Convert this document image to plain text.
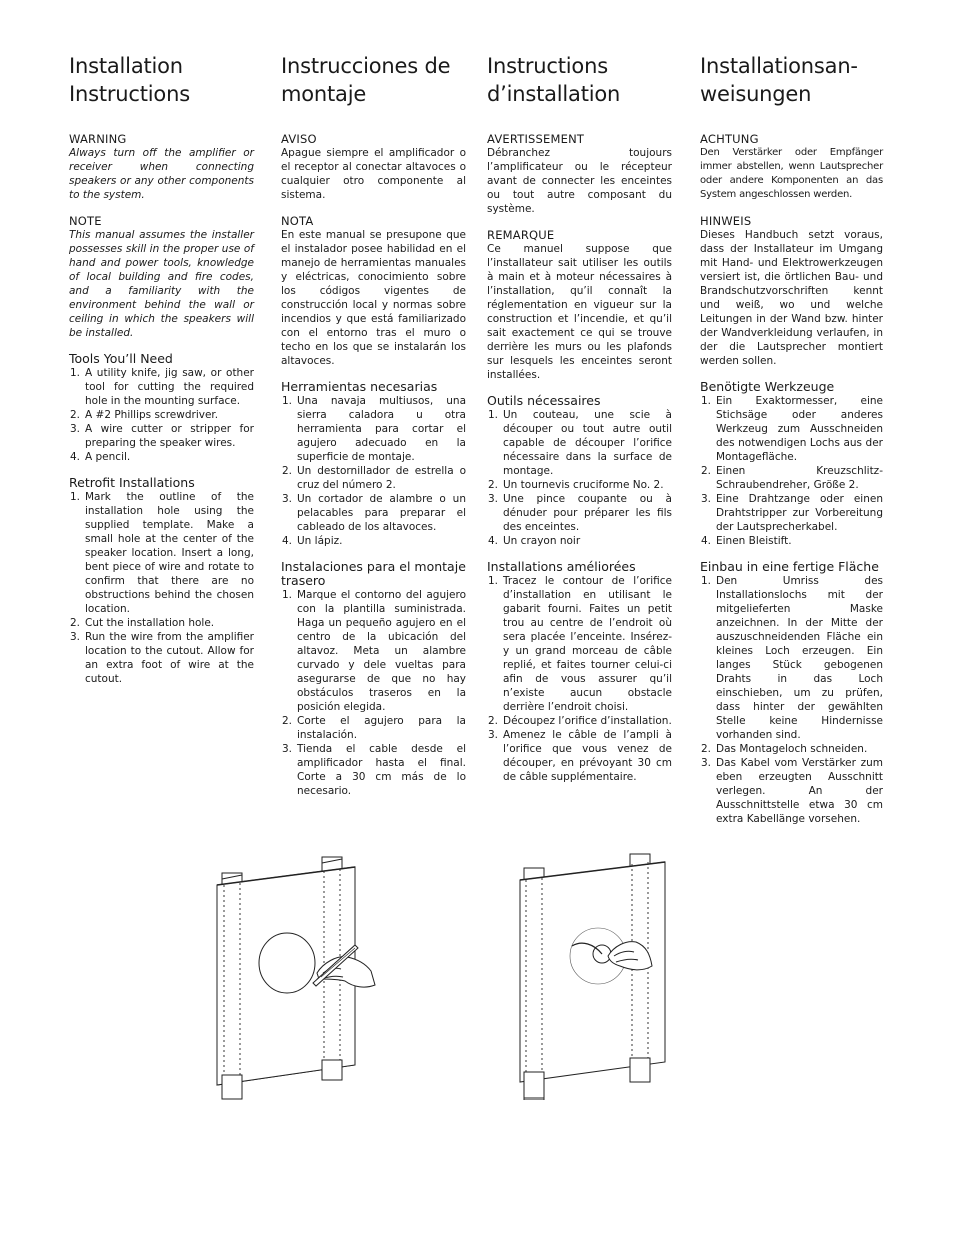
Installation
Instructions

WARNING

Always turn off the amplifier or receiver when connecting speakers or any other components to the system.

NOTE

This manual assumes the installer possesses skill in the proper use of hand and power tools, knowledge of local building and fire codes, and a familiarity with the environment behind the wall or ceiling in which the speakers will be installed.

Tools You’ll Need

1. A utility knife, jig saw, or other tool for cutting the required hole in the mounting surface.
2. A #2 Phillips screwdriver.
3. A wire cutter or stripper for preparing the speaker wires.
4. A pencil.

Retrofit Installations

1. Mark the outline of the installation hole using the supplied template. Make a small hole at the center of the speaker location. Insert a long, bent piece of wire and rotate to confirm that there are no obstructions behind the chosen location.
2. Cut the installation hole.
3. Run the wire from the amplifier location to the cutout. Allow for an extra foot of wire at the cutout.
Instrucciones de
montaje

AVISO

Apague siempre el amplificador o el receptor al conectar altavoces o cualquier otro componente al sistema.

NOTA

En este manual se presupone que el instalador posee habilidad en el manejo de herramientas manuales y eléctricas, conocimiento sobre los códigos vigentes de construcción local y normas sobre incendios y que está familiarizado con el entorno tras el muro o techo en los que se instalarán los altavoces.

Herramientas necesarias

1. Una navaja multiusos, una sierra caladora u otra herramienta para cortar el agujero adecuado en la superficie de montaje.
2. Un destornillador de estrella o cruz del número 2.
3. Un cortador de alambre o un pelacables para preparar el cableado de los altavoces.
4. Un lápiz.

Instalaciones para el montaje trasero

1. Marque el contorno del agujero con la plantilla suministrada. Haga un pequeño agujero en el centro de la ubicación del altavoz. Meta un alambre curvado y dele vueltas para asegurarse de que no hay obstáculos traseros en la posición elegida.
2. Corte el agujero para la instalación.
3. Tienda el cable desde el amplificador hasta el final. Corte a 30 cm más de lo necesario.
Instructions
d’installation

AVERTISSEMENT

Débranchez toujours l’amplificateur ou le récepteur avant de connecter les enceintes ou tout autre composant du système.

REMARQUE

Ce manuel suppose que l’installateur sait utiliser les outils à main et à moteur nécessaires à l’installation, qu’il connaît la réglementation en vigueur sur la construction et l’incendie, et qu’il sait exactement ce qui se trouve derrière les murs ou les plafonds sur lesquels les enceintes seront installées.

Outils nécessaires

1. Un couteau, une scie à découper ou tout autre outil capable de découper l’orifice nécessaire dans la surface de montage.
2. Un tournevis cruciforme No. 2.
3. Une pince coupante ou à dénuder pour préparer les fils des enceintes.
4. Un crayon noir

Installations améliorées

1. Tracez le contour de l’orifice d’installation en utilisant le gabarit fourni. Faites un petit trou au centre de l’endroit où sera placée l’enceinte. Insérez-y un grand morceau de câble replié, et faites tourner celui-ci afin de vous assurer qu’il n’existe aucun obstacle derrière l’endroit choisi.
2. Découpez l’orifice d’installation.
3. Amenez le câble de l’ampli à l’orifice que vous venez de découper, en prévoyant 30 cm de câble supplémentaire.
Installationsan-
weisungen

ACHTUNG

Den Verstärker oder Empfänger immer abstellen, wenn Lautsprecher oder andere Komponenten an das System angeschlossen werden.

HINWEIS

Dieses Handbuch setzt voraus, dass der Installateur im Umgang mit Hand- und Elektrowerkzeugen versiert ist, die örtlichen Bau- und Brandschutzvorschriften kennt und weiß, wo und welche Leitungen in der Wand bzw. hinter der Wandverkleidung verlaufen, in der die Lautsprecher montiert werden sollen.

Benötigte Werkzeuge

1. Ein Exaktormesser, eine Stichsäge oder anderes Werkzeug zum Ausschneiden des notwendigen Lochs aus der Montagefläche.
2. Einen Kreuzschlitz-Schraubendreher, Größe 2.
3. Eine Drahtzange oder einen Drahtstripper zur Vorbereitung der Lautsprecherkabel.
4. Einen Bleistift.

Einbau in eine fertige Fläche

1. Den Umriss des Installationslochs mit der mitgelieferten Maske anzeichnen. In der Mitte der auszuschneidenden Fläche ein kleines Loch erzeugen. Ein langes Stück gebogenen Drahts in das Loch einschieben, um zu prüfen, dass hinter der gewählten Stelle keine Hindernisse vorhanden sind.
2. Das Montageloch schneiden.
3. Das Kabel vom Verstärker zum eben erzeugten Ausschnitt verlegen. An der Ausschnittstelle etwa 30 cm extra Kabellänge vorsehen.
